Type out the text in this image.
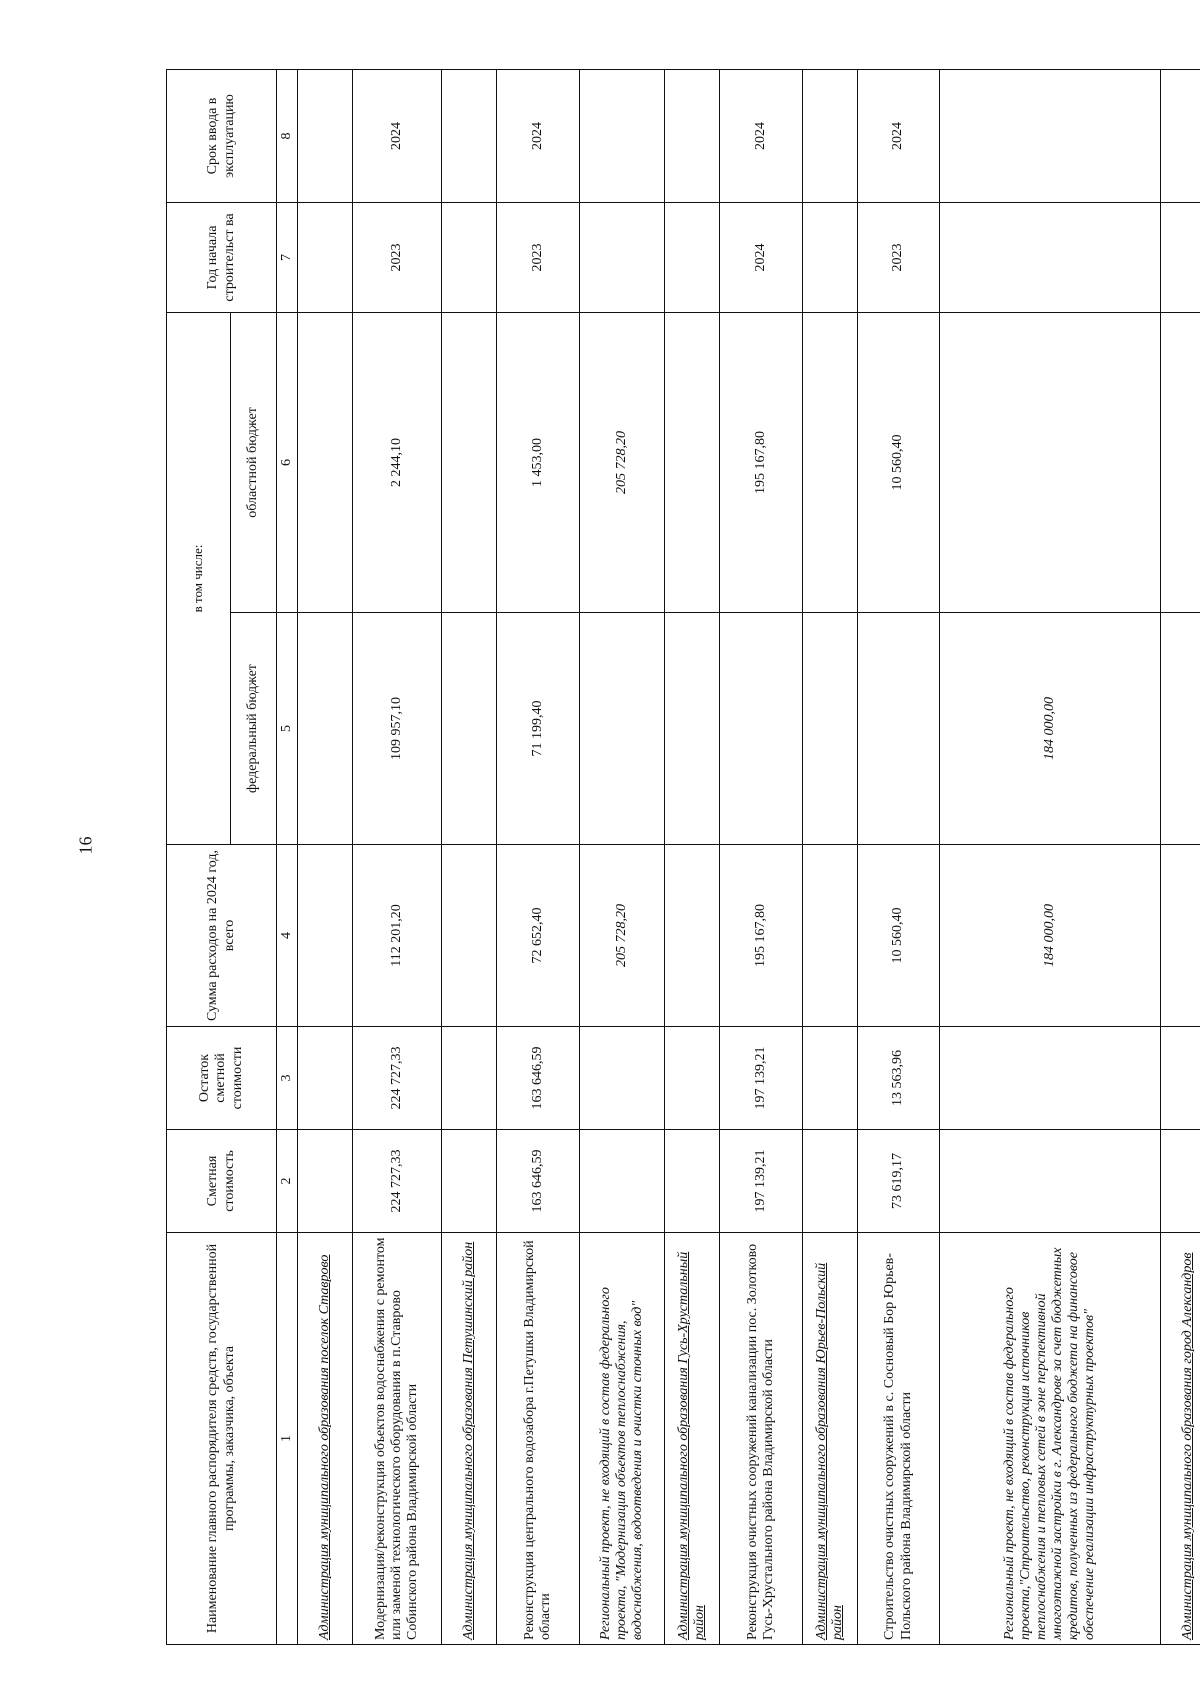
16
Наименование главного распорядителя средств, государственной программы, заказчика, объекта	Сметная стоимость	Остаток сметной стоимости	Сумма расходов на 2024 год, всего	в том числе:		Год начала строительст ва	Срок ввода в эксплуатацию
				федеральный бюджет	областной бюджет		
1	2	3	4	5	6	7	8
Администрация муниципального образования поселок Ставрово							
Модернизация/реконструкция объектов водоснабжения с ремонтом или заменой технологического оборудования в п.Ставрово Собинского района Владимирской области	224 727,33	224 727,33	112 201,20	109 957,10	2 244,10	2023	2024
Администрация муниципального образования Петушинский район							
Реконструкция центрального водозабора г.Петушки Владимирской области	163 646,59	163 646,59	72 652,40	71 199,40	1 453,00	2023	2024
Региональный проект, не входящий в состав федерального проекта, "Модернизация объектов теплоснабжения, водоснабжения, водоотведения и очистки сточных вод"			205 728,20		205 728,20		
Администрация муниципального образования Гусь-Хрустальный район							
Реконструкция очистных сооружений канализации пос. Золотково Гусь-Хрустального района Владимирской области	197 139,21	197 139,21	195 167,80		195 167,80	2024	2024
Администрация муниципального образования Юрьев-Польский район							
Строительство очистных сооружений в с. Сосновый Бор Юрьев-Польского района Владимирской области	73 619,17	13 563,96	10 560,40		10 560,40	2023	2024
Региональный проект, не входящий в состав федерального проекта,"Строительство, реконструкция источников теплоснабжения и тепловых сетей в зоне перспективной многоэтажной застройки в г. Александрове за счет бюджетных кредитов, полученных из федерального бюджета на финансовое обеспечение реализации инфраструктурных проектов"			184 000,00	184 000,00			
Администрация муниципального образования город Александров							
